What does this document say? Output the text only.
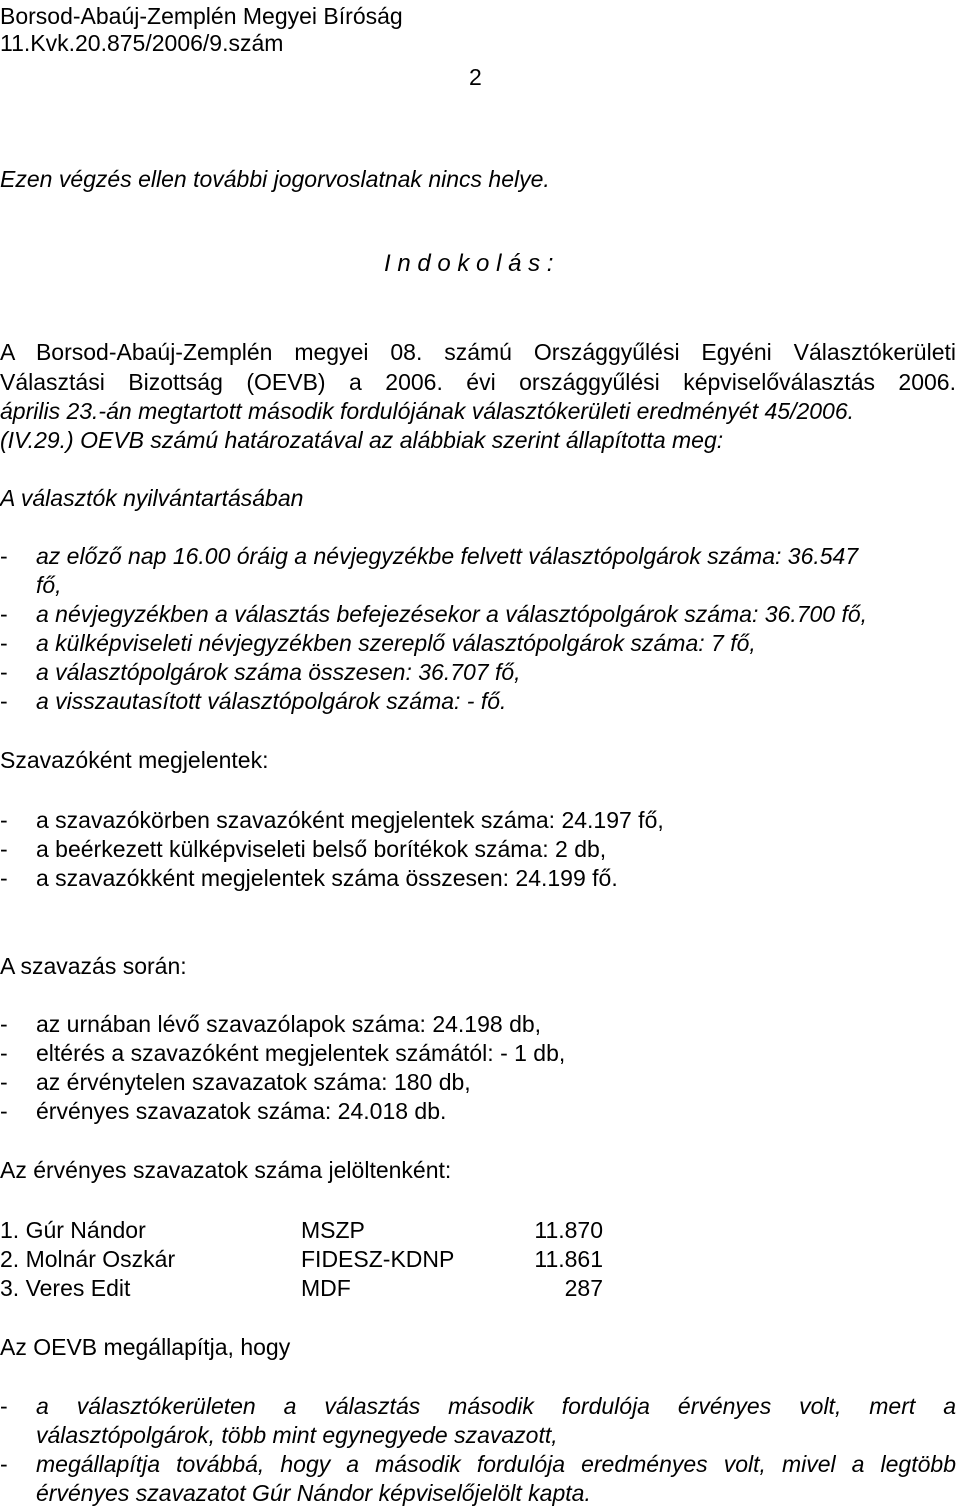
Borsod-Abaúj-Zemplén Megyei Bíróság
11.Kvk.20.875/2006/9.szám
2
Ezen végzés ellen további jogorvoslatnak nincs helye.
I n d o k o l á s :
A Borsod-Abaúj-Zemplén megyei 08. számú Országgyűlési Egyéni Választókerületi
Választási Bizottság (OEVB) a 2006. évi országgyűlési képviselőválasztás 2006.
április 23.-án megtartott második fordulójának választókerületi eredményét 45/2006.
(IV.29.) OEVB számú határozatával az alábbiak szerint állapította meg:
A választók nyilvántartásában
- az előző nap 16.00 óráig a névjegyzékbe felvett választópolgárok száma: 36.547
fő,
- a névjegyzékben a választás befejezésekor a választópolgárok száma: 36.700 fő,
- a külképviseleti névjegyzékben szereplő választópolgárok száma: 7 fő,
- a választópolgárok száma összesen: 36.707 fő,
- a visszautasított választópolgárok száma: - fő.
Szavazóként megjelentek:
- a szavazókörben szavazóként megjelentek száma: 24.197 fő,
- a beérkezett külképviseleti belső borítékok száma: 2 db,
- a szavazókként megjelentek száma összesen: 24.199 fő.
A szavazás során:
- az urnában lévő szavazólapok száma: 24.198 db,
- eltérés a szavazóként megjelentek számától: - 1 db,
- az érvénytelen szavazatok száma: 180 db,
- érvényes szavazatok száma: 24.018 db.
Az érvényes szavazatok száma jelöltenként:
1. Gúr Nándor	MSZP	11.870
2. Molnár Oszkár	FIDESZ-KDNP	11.861
3. Veres Edit	MDF	287
Az OEVB megállapítja, hogy
- a választókerületen a választás második fordulója érvényes volt, mert a
választópolgárok, több mint egynegyede szavazott,
- megállapítja továbbá, hogy a második fordulója eredményes volt, mivel a legtöbb
érvényes szavazatot Gúr Nándor képviselőjelölt kapta.
